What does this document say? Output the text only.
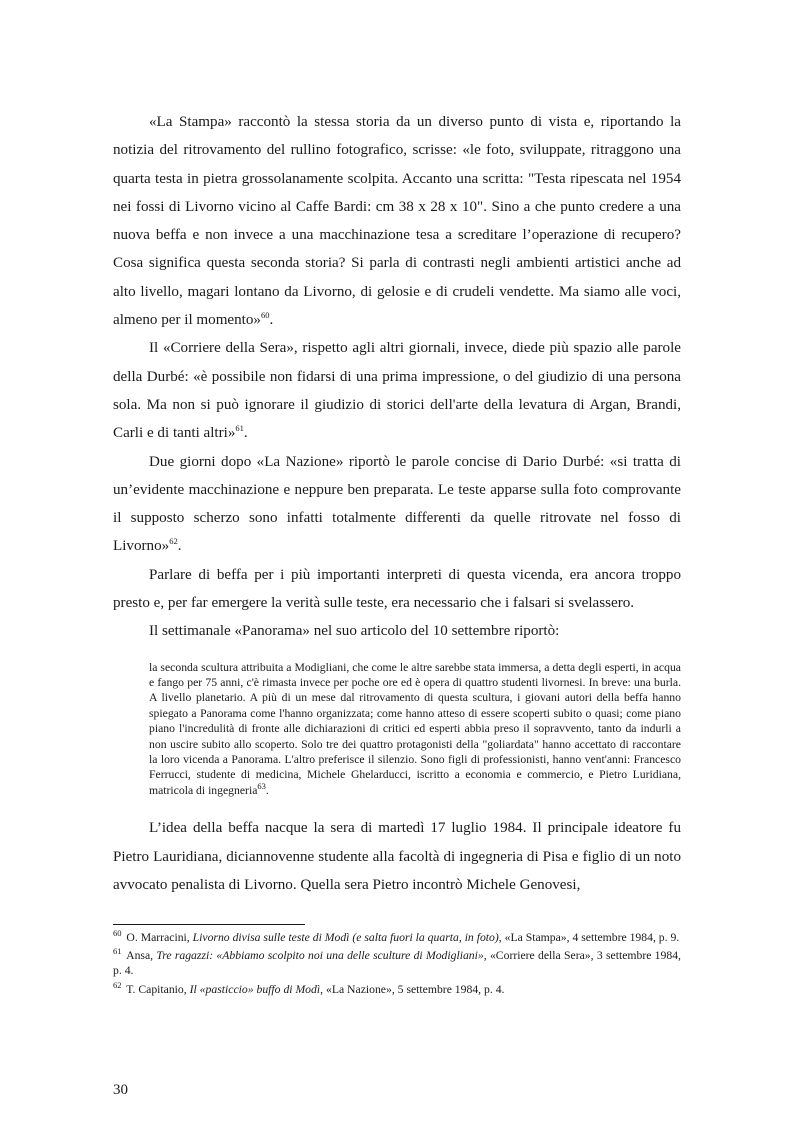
«La Stampa» raccontò la stessa storia da un diverso punto di vista e, riportando la notizia del ritrovamento del rullino fotografico, scrisse: «le foto, sviluppate, ritraggono una quarta testa in pietra grossolanamente scolpita. Accanto una scritta: "Testa ripescata nel 1954 nei fossi di Livorno vicino al Caffe Bardi: cm 38 x 28 x 10". Sino a che punto credere a una nuova beffa e non invece a una macchinazione tesa a screditare l’operazione di recupero? Cosa significa questa seconda storia? Si parla di contrasti negli ambienti artistici anche ad alto livello, magari lontano da Livorno, di gelosie e di crudeli vendette. Ma siamo alle voci, almeno per il momento»$^{60}$.

Il «Corriere della Sera», rispetto agli altri giornali, invece, diede più spazio alle parole della Durbé: «è possibile non fidarsi di una prima impressione, o del giudizio di una persona sola. Ma non si può ignorare il giudizio di storici dell'arte della levatura di Argan, Brandi, Carli e di tanti altri»$^{61}$.

Due giorni dopo «La Nazione» riportò le parole concise di Dario Durbé: «si tratta di un’evidente macchinazione e neppure ben preparata. Le teste apparse sulla foto comprovante il supposto scherzo sono infatti totalmente differenti da quelle ritrovate nel fosso di Livorno»$^{62}$.

Parlare di beffa per i più importanti interpreti di questa vicenda, era ancora troppo presto e, per far emergere la verità sulle teste, era necessario che i falsari si svelassero.

Il settimanale «Panorama» nel suo articolo del 10 settembre riportò:

la seconda scultura attribuita a Modigliani, che come le altre sarebbe stata immersa, a detta degli esperti, in acqua e fango per 75 anni, c'è rimasta invece per poche ore ed è opera di quattro studenti livornesi. In breve: una burla. A livello planetario. A più di un mese dal ritrovamento di questa scultura, i giovani autori della beffa hanno spiegato a Panorama come l'hanno organizzata; come hanno atteso di essere scoperti subito o quasi; come piano piano l'incredulità di fronte alle dichiarazioni di critici ed esperti abbia preso il sopravvento, tanto da indurli a non uscire subito allo scoperto. Solo tre dei quattro protagonisti della "goliardata" hanno accettato di raccontare la loro vicenda a Panorama. L'altro preferisce il silenzio. Sono figli di professionisti, hanno vent'anni: Francesco Ferrucci, studente di medicina, Michele Ghelarducci, iscritto a economia e commercio, e Pietro Luridiana, matricola di ingegneria$^{63}$.

L’idea della beffa nacque la sera di martedì 17 luglio 1984. Il principale ideatore fu Pietro Lauridiana, diciannovenne studente alla facoltà di ingegneria di Pisa e figlio di un noto avvocato penalista di Livorno. Quella sera Pietro incontrò Michele Genovesi,

$^{60}$ O. Marracini, Livorno divisa sulle teste di Modì (e salta fuori la quarta, in foto), «La Stampa», 4 settembre 1984, p. 9.

$^{61}$ Ansa, Tre ragazzi: «Abbiamo scolpito noi una delle sculture di Modigliani», «Corriere della Sera», 3 settembre 1984, p. 4.

$^{62}$ T. Capitanio, Il «pasticcio» buffo di Modì, «La Nazione», 5 settembre 1984, p. 4.

30
